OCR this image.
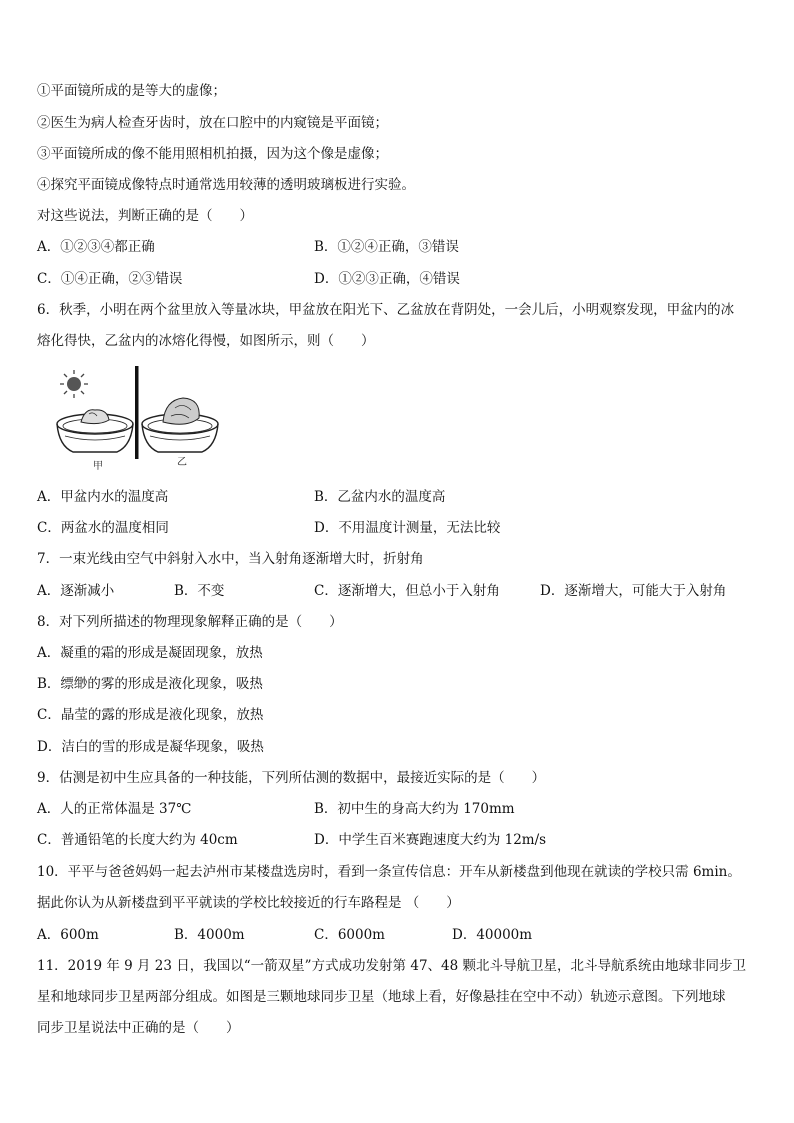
①平面镜所成的是等大的虚像；
②医生为病人检查牙齿时，放在口腔中的内窥镜是平面镜；
③平面镜所成的像不能用照相机拍摄，因为这个像是虚像；
④探究平面镜成像特点时通常选用较薄的透明玻璃板进行实验。
对这些说法，判断正确的是（　　）
A．①②③④都正确	B．①②④正确，③错误
C．①④正确，②③错误	D．①②③正确，④错误
6．秋季，小明在两个盆里放入等量冰块，甲盆放在阳光下、乙盆放在背阴处，一会儿后，小明观察发现，甲盆内的冰
熔化得快，乙盆内的冰熔化得慢，如图所示，则（　　）
甲	乙
A．甲盆内水的温度高	B．乙盆内水的温度高
C．两盆水的温度相同	D．不用温度计测量，无法比较
7．一束光线由空气中斜射入水中，当入射角逐渐增大时，折射角
A．逐渐减小	B．不变	C．逐渐增大，但总小于入射角	D．逐渐增大，可能大于入射角
8．对下列所描述的物理现象解释正确的是（　　）
A．凝重的霜的形成是凝固现象，放热
B．缥缈的雾的形成是液化现象，吸热
C．晶莹的露的形成是液化现象，放热
D．洁白的雪的形成是凝华现象，吸热
9．估测是初中生应具备的一种技能，下列所估测的数据中，最接近实际的是（　　）
A．人的正常体温是 37℃	B．初中生的身高大约为 170mm
C．普通铅笔的长度大约为 40cm	D．中学生百米赛跑速度大约为 12m/s
10．平平与爸爸妈妈一起去泸州市某楼盘选房时，看到一条宣传信息：开车从新楼盘到他现在就读的学校只需 6min。
据此你认为从新楼盘到平平就读的学校比较接近的行车路程是 （　　）
A．600m	B．4000m	C．6000m	D．40000m
11．2019 年 9 月 23 日，我国以“一箭双星”方式成功发射第 47、48 颗北斗导航卫星，北斗导航系统由地球非同步卫
星和地球同步卫星两部分组成。如图是三颗地球同步卫星（地球上看，好像悬挂在空中不动）轨迹示意图。下列地球
同步卫星说法中正确的是（　　）
